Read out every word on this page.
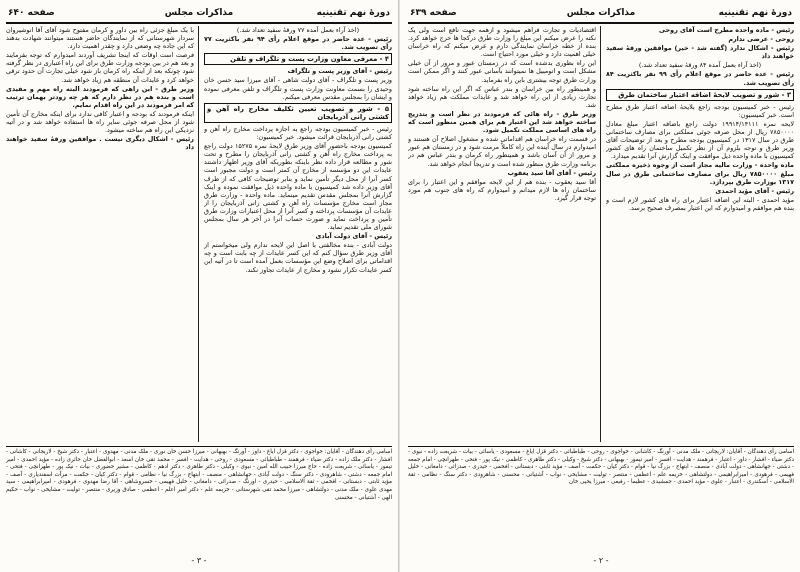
صفحه ۶۴۰	مذاکرات مجلس	دورۀ نهم تقنینیه

(اخذ آراء بعمل آمده ۷۷ ورقۀ سفید تعداد شد.)

رئیس - عده حاضر در موقع اعلام رأی ۹۴ نفر باکثریت ۷۷ رأی تصویب شد.

۴ - معرفی معاون وزارت پست و تلگراف و تلفن

رئیس - آقای وزیر پست و تلگراف

وزیر پست و تلگراف - آقای دولت شاهی - آقای میرزا سید حسن خان وحیدی را بسمت معاونت وزارت پست و تلگراف و تلفن معرفی نموده و ایشان را بمجلس مقدس معرفی میکنم.

۵ - شور و تصویب تعیین تکلیف مخارج راه آهن و کشتی رانی آذربایجان

رئیس - خبر کمیسیون بودجه راجع به اجازه پرداخت مخارج راه آهن و کشتی رانی آذربایجان قرائت میشود. خبر کمیسیون:

کمیسیون بودجه باحضور آقای وزیر طرق لایحۀ نمره ۱۵۲۷۵ دولت راجع به پرداخت مخارج راه آهن و کشتی رانی آذربایجان را مطرح و تحت شور و مطالعه قرار داده نظر باینکه بطوریکه آقای وزیر اظهار داشتند عایدات این دو مؤسسه از مخارج آن کمتر است و دولت مجبور است کسر آنرا از محل دیگر تأمین نماید و بنابر توضیحات کافی که از طرف آقای وزیر داده شد کمیسیون با ماده واحده ذیل موافقت نموده و اینک گزارش آنرا بمجلس مقدس تقدیم مینماید. ماده واحده - وزارت طرق مجاز است مخارج مؤسسات راه آهن و کشتی رانی آذربایجان را از عایدات آن مؤسسات پرداخته و کسر آنرا از محل اعتبارات وزارت طرق تأمین و پرداخت نماید و صورت حساب آنرا در آخر هر سال بمجلس شورای ملی تقدیم نماید.

رئیس - آقای دولت آبادی

دولت آبادی - بنده مخالفتی با اصل این لایحه ندارم ولی میخواستم از آقای وزیر طرق سؤال کنم که این کسر عایدات از چه بابت است و چه اقداماتی برای اصلاح وضع این مؤسسات بعمل آمده است تا در آتیه این کسر عایدات تکرار نشود و مخارج از عایدات تجاوز نکند.

با یک مبلغ جزئی راه بین داور و کرمان مفتوح شود آقای آقا انوشیروان سردار شهرستانی که از نمایندگان حاضر هستند میتوانند شهادت بدهند که این جاده چه وضعی دارد و چقدر اهمیت دارد.

فرصت است اوقات که اینجا تشریف آوردند امیدوارم که توجه بفرمایند و بعد هم در بین بودجه وزارت طرق برای این راه اعتباری در نظر گرفته شود چونکه بعد از اینکه راه کرمان باز شود خیلی تجارت آن حدود ترقی خواهد کرد و عایدات آن منطقه هم زیاد خواهد شد.

وزیر طرق - این راهی که فرمودند البته راه مهم و مفیدی است و بنده هم در نظر دارم که هر چه زودتر بهمان ترتیب که امر فرمودند در این راه اقدام نمایم.

اینکه فرمودند که بودجه و اعتبار کافی ندارد برای اینکه مخارج آن تأمین شود از محل صرفه جوئی سایر راه ها استفاده خواهد شد و در آتیه نزدیکی این راه هم ساخته میشود.

رئیس - اشکال دیگری نیست . موافقین ورقۀ سفید خواهند داد

اسامی رأی دهندگان - آقایان: خواجوی - دکتر قزل ایاغ - داور - آورنگ - بهبهانی - میرزا حسن خان نوری - ملک مدنی - مهدوی - اعتبار - دکتر شیخ - لاریجانی - کاشانی - افشار - دکتر ملک زاده - دکتر ضیاء - فرهمند - طباطبائی - مسعودی - روحی - هدایت - افسر - محمد تقی خان اسعد - ابوالفضل خان حائری زاده - مؤید احمدی - امیر تیمور - یاسائی - شریعت زاده - حاج میرزا حبیب الله امین - نبوی - وکیلی - دکتر طاهری - دکتر ادهم - کاظمی - مشیر حضوری - بیات - نیک پور - طهرانچی - فتحی - امام جمعه - دشتی - شاهرودی - دکتر سنگ - دولت آبادی - جهانشاهی - منصف - ابتهاج - بزرگ نیا - نظامی - قوام - دکتر کیان - حکمت - مرآت اسفندیاری - آصف - مؤید ثابتی - دبستانی - افخمی - ثقة الاسلامی - حیدری - اورنگ - صدرائی - دامغانی - خلیل فهیمی - خسروشاهی - آقا رضا مهدوی - فرهودی - امیرابراهیمی - سید مهدی علوی - ملک مدنی - دولتشاهی - میرزا محمد تقی شهرستانی - خزیمه علم - دکتر امیر اعلم - اعظمی - صادق وزیری - منتصر - تولیت - مشایخی - نواب - حکیم الهی - آشتیانی - محسنی

- ۳ -
دورۀ نهم تقنینیه
مذاکرات مجلس
صفحه ۶۳۹

رئیس - ماده واحده مطرح است آقای روحی

روحی - عرضی ندارم

رئیس - اشکال ندارد (گفته شد - خیر) موافقین ورقۀ سفید خواهند داد

(اخذ آراء بعمل آمده ۸۴ ورقۀ سفید تعداد شد.)

رئیس - عده حاضر در موقع اعلام رأی ۹۹ نفر باکثریت ۸۴ رأی تصویب شد.

۳ - شور و تصویب لایحۀ اضافه اعتبار ساختمان طرق

رئیس - خبر کمیسیون بودجه راجع بلایحۀ اضافه اعتبار طرق مطرح است. خبر کمیسیون:

لایحه نمره ۱۹۹۱۴/۱۴۱۱۱ دولت راجع باضافه اعتبار مبلغ معادل ۷۸۵۰۰۰۰ ریال از محل صرفه جوئی مملکتی برای مصارف ساختمانی طرق در سال ۱۳۱۷ در کمیسیون بودجه مطرح و بعد از توضیحات آقای وزیر طرق و توجه بلزوم آن از نظر تکمیل ساختمان راه های کشور کمیسیون با ماده واحده ذیل موافقت و اینک گزارش آنرا تقدیم میدارد.

ماده واحده - وزارت مالیه مجاز است از وجوه ذخیره مملکتی مبلغ ۷۸۵۰۰۰۰ ریال برای مصارف ساختمانی طرق در سال ۱۳۱۷ بوزارت طرق بپردازد.

رئیس - آقای مؤید احمدی

مؤید احمدی - البته این اضافه اعتبار برای راه های کشور لازم است و بنده هم موافقم و امیدوارم که این اعتبار بمصرف صحیح برسد.

اقتصادیات و تجارت فراهم میشود و ازهمه جهت نافع است ولی یک نکته را عرض میکنم این مبلغ را وزارت طرق درکجا ها خرج خواهد کرد. بنده از خطه خراسان نمایندگی دارم و عرض میکنم که راه خراسان خیلی اهمیت دارد و خیلی مورد احتیاج است.

این راه بطوری بدشده است که در زمستان عبور و مرور از آن خیلی مشکل است و اتومبیل ها نمیتوانند بآسانی عبور کنند و اگر ممکن است وزارت طرق توجه بیشتری باین راه بفرماید.

و همینطور راه بین خراسان و بندر عباس که اگر این راه ساخته شود تجارت زیادی از این راه خواهد شد و عایدات مملکت هم زیاد خواهد شد.

وزیر طرق - راه هائی که فرمودند در نظر است و بتدریج ساخته خواهد شد این اعتبار هم برای همین منظور است که راه های اساسی مملکت تکمیل شود.

در قسمت راه خراسان هم اقداماتی شده و مشغول اصلاح آن هستند و امیدوارم در سال آینده این راه کاملاً مرمت شود و در زمستان هم عبور و مرور از آن آسان باشد و همینطور راه کرمان و بندر عباس هم در برنامه وزارت طرق منظور شده است و تدریجاً انجام خواهد شد.

رئیس - آقای آقا سید یعقوب

آقا سید یعقوب - بنده هم از این لایحه موافقم و این اعتبار را برای ساختمان راه ها لازم میدانم و امیدوارم که راه های جنوب هم مورد توجه قرار گیرد.

اسامی رأی دهندگان - آقایان: لاریجانی - ملک مدنی - آورنگ - کاشانی - خواجوی - روحی - طباطبائی - دکتر قزل ایاغ - مسعودی - یاسائی - بیات - شریعت زاده - نبوی - دکتر ضیاء - افشار - داور - اعتبار - فرهمند - هدایت - افسر - امیر تیمور - بهبهانی - دکتر شیخ - وکیلی - دکتر طاهری - کاظمی - نیک پور - فتحی - طهرانچی - امام جمعه - دشتی - جهانشاهی - دولت آبادی - منصف - ابتهاج - بزرگ نیا - قوام - دکتر کیان - حکمت - آصف - مؤید ثابتی - دبستانی - افخمی - حیدری - صدرائی - دامغانی - خلیل فهیمی - فرهودی - امیرابراهیمی - دولتشاهی - خزیمه علم - اعظمی - منتصر - تولیت - مشایخی - نواب - آشتیانی - محسنی - شاهرودی - دکتر سنگ - نظامی - ثقة الاسلامی - اسکندری - اعتبار - علوی - مؤید احمدی - جمشیدی - عظیما - رفیعی - میرزا یحیی خان

- ۲ -
